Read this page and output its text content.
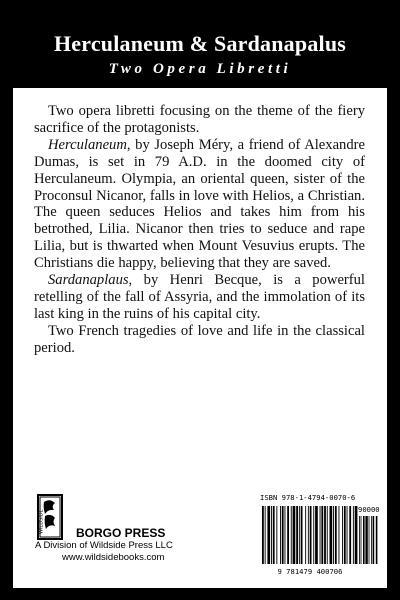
Herculaneum & Sardanapalus
Two Opera Libretti

Two opera libretti focusing on the theme of the fiery sacrifice of the protagonists.

Herculaneum, by Joseph Méry, a friend of Alexandre Dumas, is set in 79 A.D. in the doomed city of Herculaneum. Olympia, an oriental queen, sister of the Proconsul Nicanor, falls in love with Helios, a Christian. The queen seduces Helios and takes him from his betrothed, Lilia. Nicanor then tries to seduce and rape Lilia, but is thwarted when Mount Vesuvius erupts. The Christians die happy, believing that they are saved.

Sardanaplaus, by Henri Becque, is a powerful retelling of the fall of Assyria, and the immolation of its last king in the ruins of his capital city.

Two French tragedies of love and life in the classical period.

WILDSIDE	BORGO PRESS
A Division of Wildside Press LLC
www.wildsidebooks.com
ISBN 978-1-4794-0070-6
90000
9 781479 400706
